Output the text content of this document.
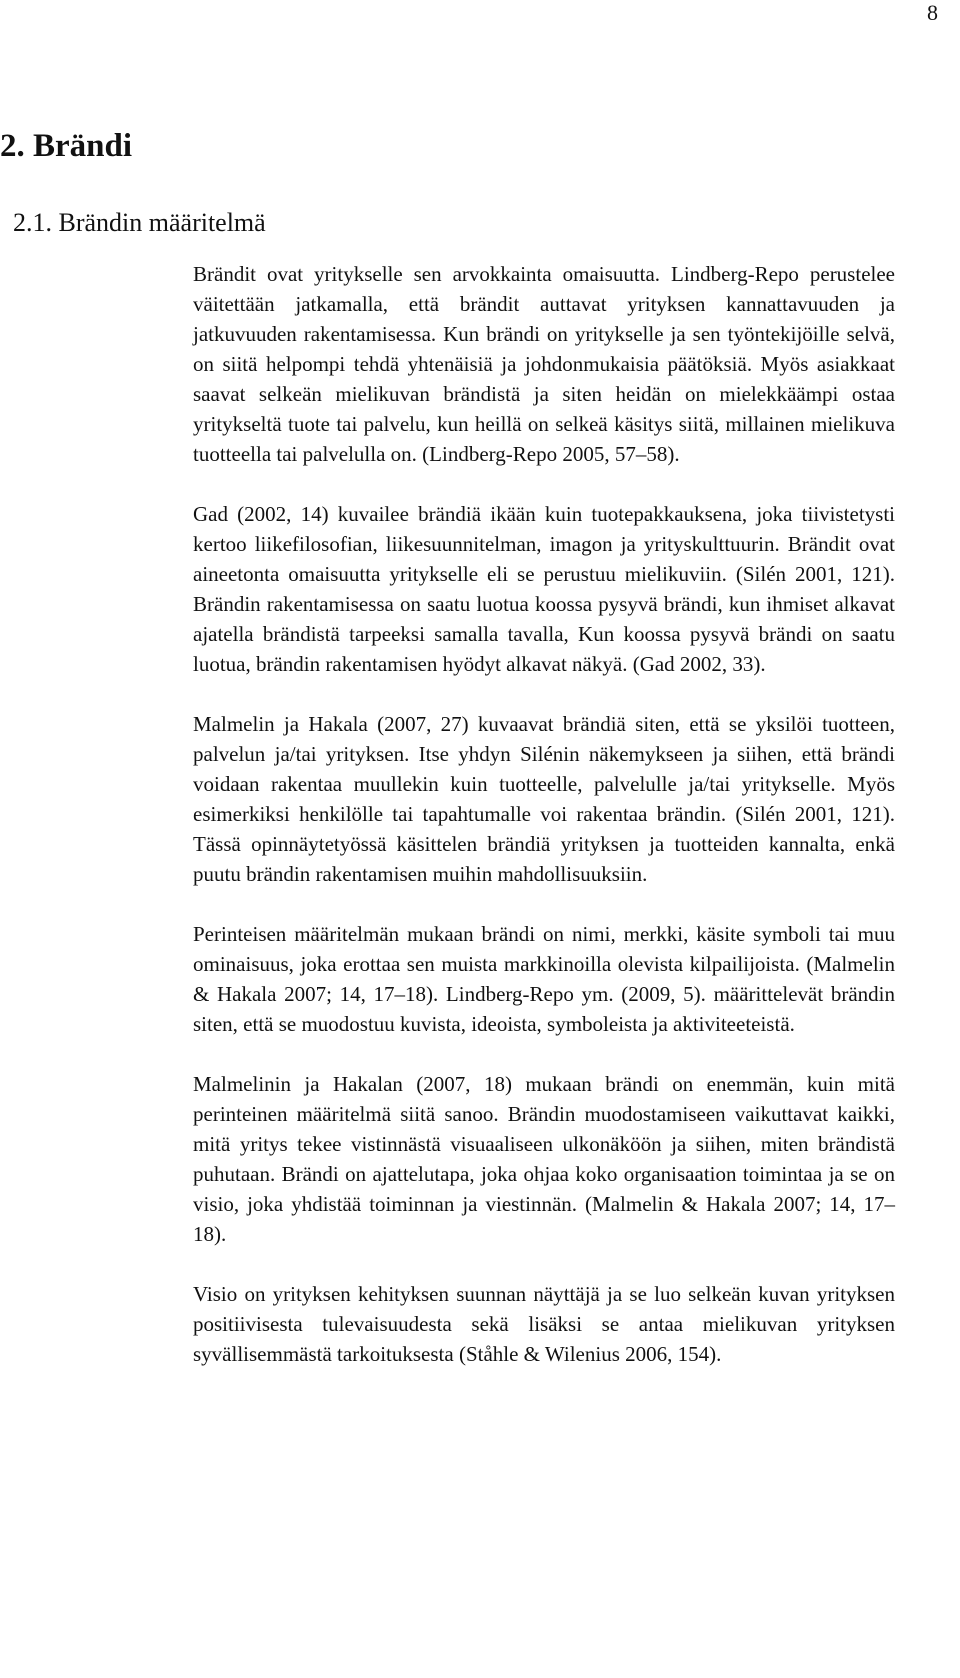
8
2. Brändi
2.1. Brändin määritelmä

Brändit ovat yritykselle sen arvokkainta omaisuutta. Lindberg-Repo perustelee väitettään jatkamalla, että brändit auttavat yrityksen kannattavuuden ja jatkuvuuden rakentamisessa. Kun brändi on yritykselle ja sen työntekijöille selvä, on siitä helpompi tehdä yhtenäisiä ja johdonmukaisia päätöksiä. Myös asiakkaat saavat selkeän mielikuvan brändistä ja siten heidän on mielekkäämpi ostaa yritykseltä tuote tai palvelu, kun heillä on selkeä käsitys siitä, millainen mielikuva tuotteella tai palvelulla on. (Lindberg-Repo 2005, 57–58).

Gad (2002, 14) kuvailee brändiä ikään kuin tuotepakkauksena, joka tiivistetysti kertoo liikefilosofian, liikesuunnitelman, imagon ja yrityskulttuurin. Brändit ovat aineetonta omaisuutta yritykselle eli se perustuu mielikuviin. (Silén 2001, 121). Brändin rakentamisessa on saatu luotua koossa pysyvä brändi, kun ihmiset alkavat ajatella brändistä tarpeeksi samalla tavalla, Kun koossa pysyvä brändi on saatu luotua, brändin rakentamisen hyödyt alkavat näkyä. (Gad 2002, 33).

Malmelin ja Hakala (2007, 27) kuvaavat brändiä siten, että se yksilöi tuotteen, palvelun ja/tai yrityksen. Itse yhdyn Silénin näkemykseen ja siihen, että brändi voidaan rakentaa muullekin kuin tuotteelle, palvelulle ja/tai yritykselle. Myös esimerkiksi henkilölle tai tapahtumalle voi rakentaa brändin. (Silén 2001, 121). Tässä opinnäytetyössä käsittelen brändiä yrityksen ja tuotteiden kannalta, enkä puutu brändin rakentamisen muihin mahdollisuuksiin.

Perinteisen määritelmän mukaan brändi on nimi, merkki, käsite symboli tai muu ominaisuus, joka erottaa sen muista markkinoilla olevista kilpailijoista. (Malmelin & Hakala 2007; 14, 17–18). Lindberg-Repo ym. (2009, 5). määrittelevät brändin siten, että se muodostuu kuvista, ideoista, symboleista ja aktiviteeteistä.

Malmelinin ja Hakalan (2007, 18) mukaan brändi on enemmän, kuin mitä perinteinen määritelmä siitä sanoo. Brändin muodostamiseen vaikuttavat kaikki, mitä yritys tekee vistinnästä visuaaliseen ulkonäköön ja siihen, miten brändistä puhutaan. Brändi on ajattelutapa, joka ohjaa koko organisaation toimintaa ja se on visio, joka yhdistää toiminnan ja viestinnän. (Malmelin & Hakala 2007; 14, 17–18).

Visio on yrityksen kehityksen suunnan näyttäjä ja se luo selkeän kuvan yrityksen positiivisesta tulevaisuudesta sekä lisäksi se antaa mielikuvan yrityksen syvällisemmästä tarkoituksesta (Ståhle & Wilenius 2006, 154).
